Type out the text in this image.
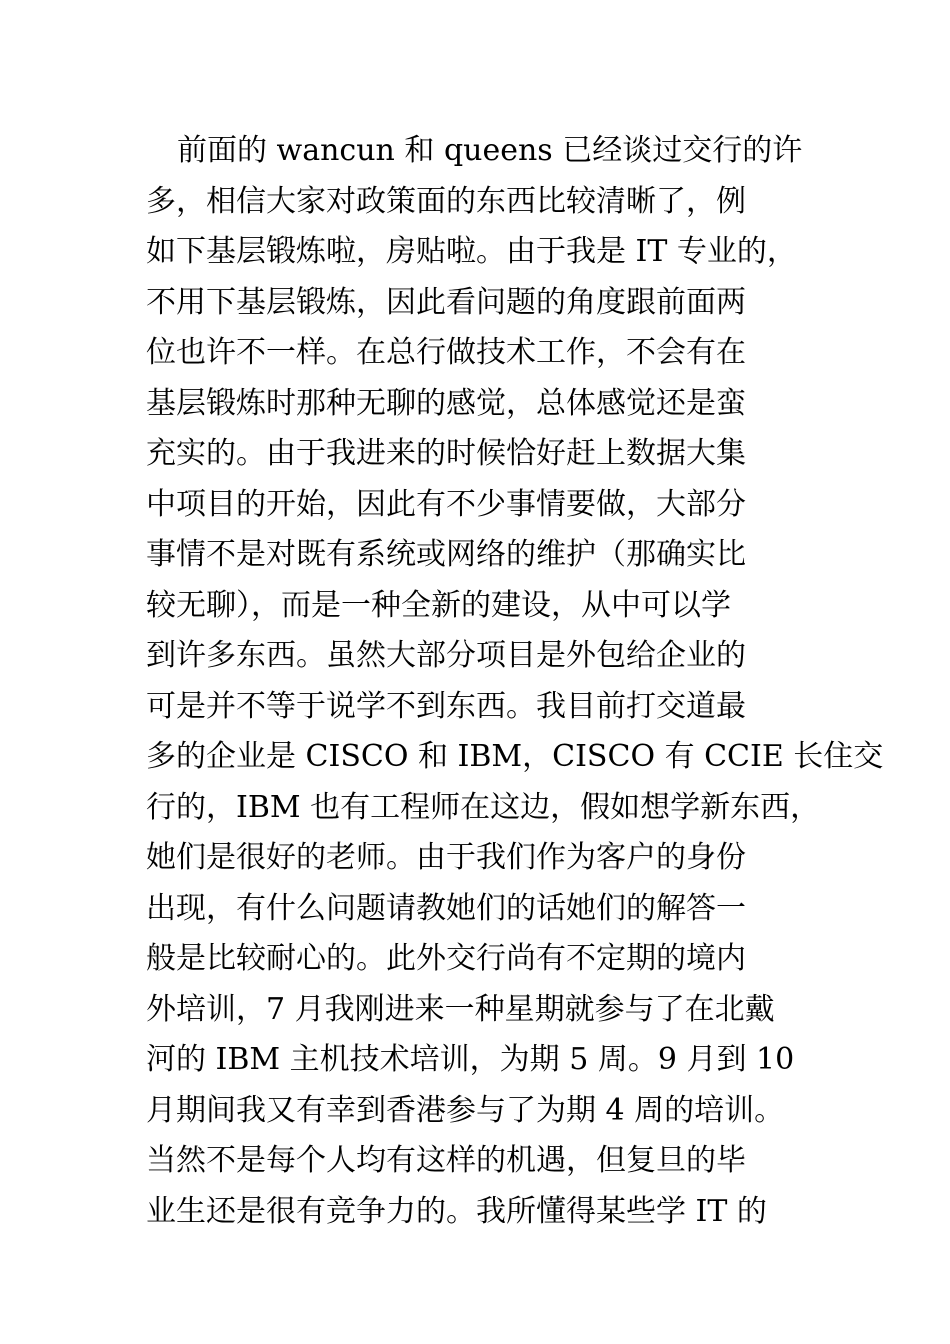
前面的 wancun 和 queens 已经谈过交行的许
多，相信大家对政策面的东西比较清晰了，例
如下基层锻炼啦，房贴啦。由于我是 IT 专业的，
不用下基层锻炼，因此看问题的角度跟前面两
位也许不一样。在总行做技术工作，不会有在
基层锻炼时那种无聊的感觉，总体感觉还是蛮
充实的。由于我进来的时候恰好赶上数据大集
中项目的开始，因此有不少事情要做，大部分
事情不是对既有系统或网络的维护（那确实比
较无聊），而是一种全新的建设，从中可以学
到许多东西。虽然大部分项目是外包给企业的
可是并不等于说学不到东西。我目前打交道最
多的企业是 CISCO 和 IBM，CISCO 有 CCIE 长住交
行的，IBM 也有工程师在这边，假如想学新东西，
她们是很好的老师。由于我们作为客户的身份
出现，有什么问题请教她们的话她们的解答一
般是比较耐心的。此外交行尚有不定期的境内
外培训，7 月我刚进来一种星期就参与了在北戴
河的 IBM 主机技术培训，为期 5 周。9 月到 10
月期间我又有幸到香港参与了为期 4 周的培训。
当然不是每个人均有这样的机遇，但复旦的毕
业生还是很有竞争力的。我所懂得某些学 IT 的
